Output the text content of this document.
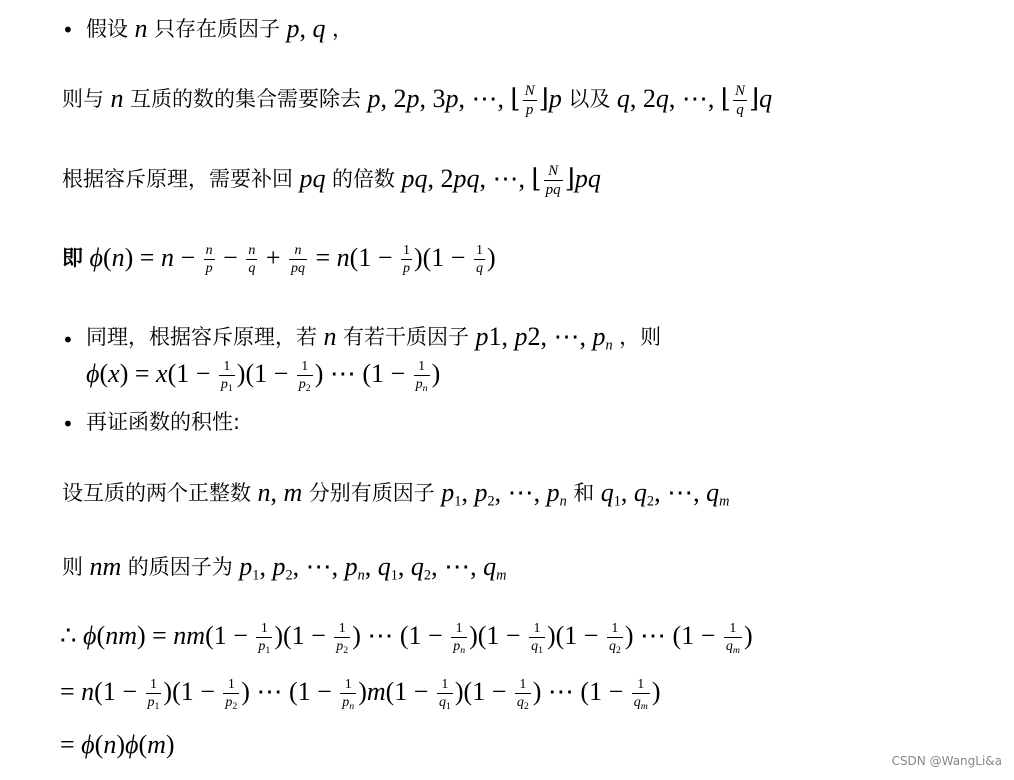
• 假设 n 只存在质因子 p, q ，
则与 n 互质的数的集合需要除去 p, 2p, 3p, ⋯, ⌊ $\frac{N}{p}$ ⌋p 以及 q, 2q, ⋯, ⌊ $\frac{N}{q}$ ⌋q
根据容斥原理，需要补回 pq 的倍数 pq, 2pq, ⋯, ⌊ $\frac{N}{pq}$ ⌋pq
即 $\phi(n) = n - \frac{n}{p} - \frac{n}{q} + \frac{n}{pq} = n(1 - \frac{1}{p} )(1 - \frac{1}{q}$ )
• 同理，根据容斥原理，若 n 有若干质因子 p1, p2, ⋯, $p_n$ ，则
$\phi(x) = x(1 - \frac{1}{p_1} )(1 - \frac{1}{p_2}$ ) ⋯ ($1 - \frac{1}{p_n}$ )
• 再证函数的积性:
设互质的两个正整数 n, m 分别有质因子 $p_1$, $p_2$, ⋯, $p_n$ 和 $q_1$, $q_2$, ⋯, $q_m$
则 nm 的质因子为 $p_1$, $p_2$, ⋯, $p_n$, $q_1$, $q_2$, ⋯, $q_m$
∴ $\phi(nm) = nm(1 - \frac{1}{p_1} )(1 - \frac{1}{p_2}$ ) ⋯ $(1 - \frac{1}{p_n} )(1 - \frac{1}{q_1} )(1 - \frac{1}{q_2}$ ) ⋯ ($1 - \frac{1}{q_m}$ )
= $n(1 - \frac{1}{p_1} )(1 - \frac{1}{p_2}$ ) ⋯ $(1 - \frac{1}{p_n} )m(1 - \frac{1}{q_1} )(1 - \frac{1}{q_2}$ ) ⋯ ($1 - \frac{1}{q_m}$ )
= ϕ(n)ϕ(m)
CSDN @WangLi&a
